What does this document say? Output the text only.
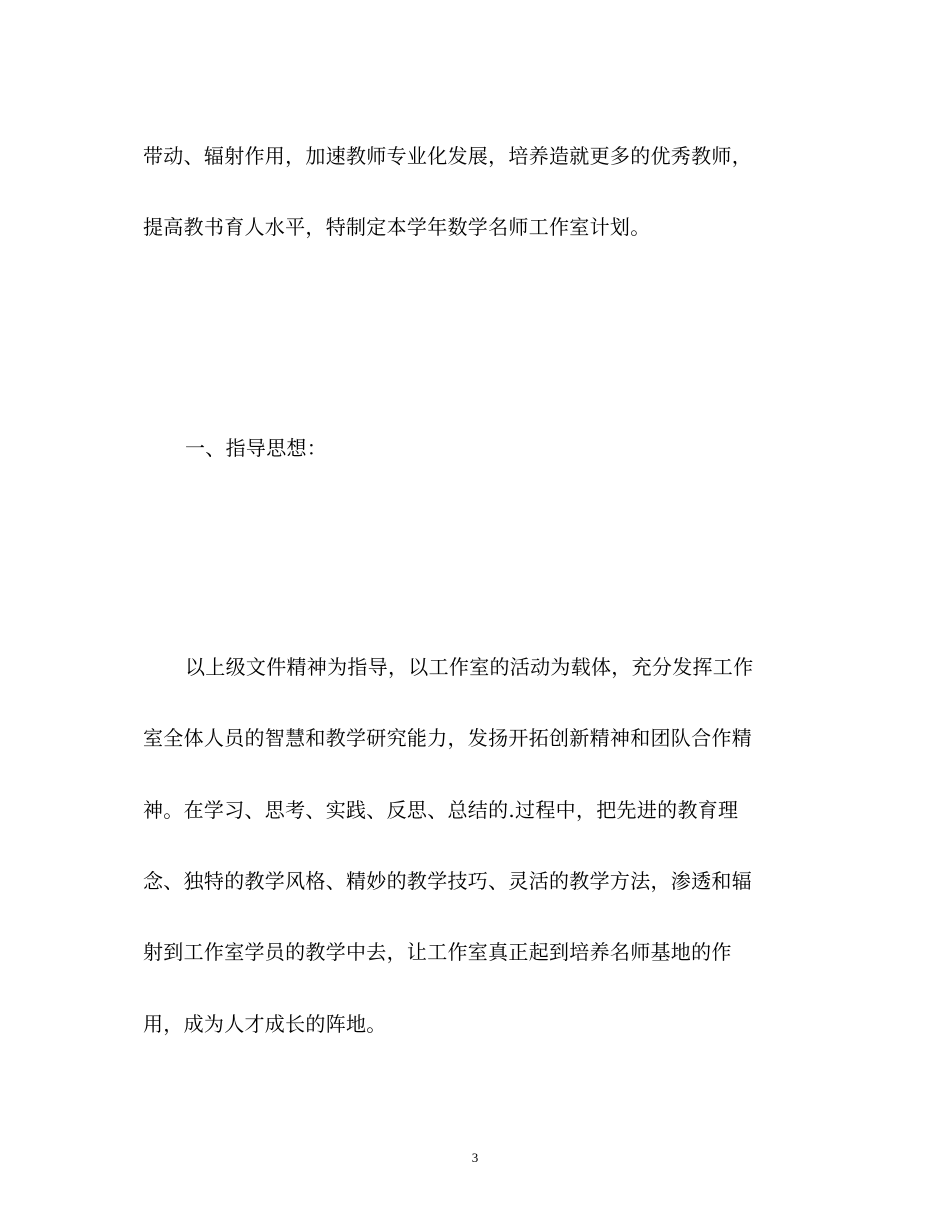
带动、辐射作用，加速教师专业化发展，培养造就更多的优秀教师，
提高教书育人水平，特制定本学年数学名师工作室计划。
一、指导思想：
以上级文件精神为指导，以工作室的活动为载体，充分发挥工作
室全体人员的智慧和教学研究能力，发扬开拓创新精神和团队合作精
神。在学习、思考、实践、反思、总结的.过程中，把先进的教育理
念、独特的教学风格、精妙的教学技巧、灵活的教学方法，渗透和辐
射到工作室学员的教学中去，让工作室真正起到培养名师基地的作
用，成为人才成长的阵地。
3
